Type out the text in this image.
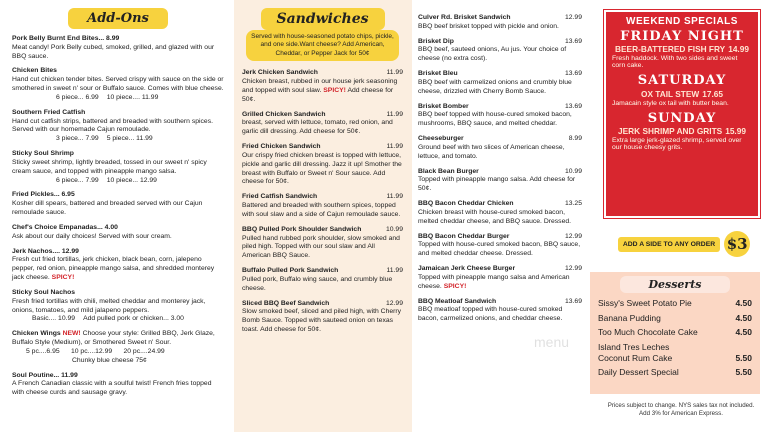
Add-Ons
Pork Belly Burnt End Bites... 8.99
Meat candy! Pork Belly cubed, smoked, grilled, and glazed with our BBQ sauce.
Chicken Bites
Hand cut chicken tender bites. Served crispy with sauce on the side or smothered in sweet n' sour or Buffalo sauce. Comes with blue cheese.
6 piece... 6.99 10 piece.... 11.99
Southern Fried Catfish
Hand cut catfish strips, battered and breaded with southern spices. Served with our homemade Cajun remoulade.
3 piece... 7.99 5 piece... 11.99
Sticky Soul Shrimp
Sticky sweet shrimp, lightly breaded, tossed in our sweet n' spicy cream sauce, and topped with pineapple mango salsa.
6 piece... 7.99 10 piece... 12.99
Fried Pickles... 6.95
Kosher dill spears, battered and breaded served with our Cajun remoulade sauce.
Chef's Choice Empanadas... 4.00
Ask about our daily choices! Served with sour cream.
Jerk Nachos.... 12.99
Fresh cut fried tortillas, jerk chicken, black bean, corn, jalepeno pepper, red onion, pineapple mango salsa, and shredded monterey jack cheese. SPICY!
Sticky Soul Nachos
Fresh fried tortillas with chili, melted cheddar and monterey jack, onions, tomatoes, and mild jalapeno peppers.
Basic.... 10.99 Add pulled pork or chicken... 3.00
Chicken Wings NEW! Choose your style: Grilled BBQ, Jerk Glaze, Buffalo Style (Medium), or Smothered Sweet n' Sour.
5 pc....6.95      10 pc....12.99      20 pc....24.99
Chunky blue cheese 75¢
Soul Poutine... 11.99
A French Canadian classic with a soulful twist! French fries topped with cheese curds and sausage gravy.
Sandwiches
Served with house-seasoned potato chips, pickle, and one side.Want cheese? Add American, Cheddar, or Pepper Jack for 50¢
Jerk Chicken Sandwich	11.99
Chicken breast, rubbed in our house jerk seasoning and topped with soul slaw. SPICY! Add cheese for 50¢.
Grilled Chicken Sandwich	11.99
breast, served with lettuce, tomato, red onion, and garlic dill dressing. Add cheese for 50¢.
Fried Chicken Sandwich	11.99
Our crispy fried chicken breast is topped with lettuce, pickle and garlic dill dressing. Jazz it up! Smother the breast with Buffalo or Sweet n' Sour sauce. Add cheese for 50¢.
Fried Catfish Sandwich	11.99
Battered and breaded with southern spices, topped with soul slaw and a side of Cajun remoulade sauce.
BBQ Pulled Pork Shoulder Sandwich	10.99
Pulled hand rubbed pork shoulder, slow smoked and piled high. Topped with our soul slaw and All American BBQ Sauce.
Buffalo Pulled Pork Sandwich	11.99
Pulled pork, Buffalo wing sauce, and crumbly blue cheese.
Sliced BBQ Beef Sandwich	12.99
Slow smoked beef, sliced and piled high, with Cherry Bomb Sauce. Topped with sauteed onion on texas toast. Add cheese for 50¢.
Culver Rd. Brisket Sandwich	12.99
BBQ beef brisket topped with pickle and onion.
Brisket Dip	13.69
BBQ beef, sauteed onions, Au jus. Your choice of cheese (no extra cost).
Brisket Bleu	13.69
BBQ beef with carmelized onions and crumbly blue cheese, drizzled with Cherry Bomb Sauce.
Brisket Bomber	13.69
BBQ beef topped with house-cured smoked bacon, mushrooms, BBQ sauce, and melted cheddar.
Cheeseburger	8.99
Ground beef with two slices of American cheese, lettuce, and tomato.
Black Bean Burger	10.99
Topped with pineapple mango salsa. Add cheese for 50¢.
BBQ Bacon Cheddar Chicken	13.25
Chicken breast with house-cured smoked bacon, melted cheddar cheese, and BBQ sauce. Dressed.
BBQ Bacon Cheddar Burger	12.99
Topped with house-cured smoked bacon, BBQ sauce, and melted cheddar cheese. Dressed.
Jamaican Jerk Cheese Burger	12.99
Topped with pineapple mango salsa and American cheese. SPICY!
BBQ Meatloaf Sandwich	13.69
BBQ meatloaf topped with house-cured smoked bacon, carmelized onions, and cheddar cheese.
WEEKEND SPECIALS
FRIDAY NIGHT
BEER-BATTERED FISH FRY 14.99
Fresh haddock. With two sides and sweet corn cake.
SATURDAY
OX TAIL STEW 17.65
Jamacain style ox tail with butter bean.
SUNDAY
JERK SHRIMP AND GRITS 15.99
Extra large jerk-glazed shrimp, served over our house cheesy grits.
ADD A SIDE TO ANY ORDER $3
Desserts
Sissy's Sweet Potato Pie	4.50
Banana Pudding	4.50
Too Much Chocolate Cake	4.50
Island Tres Leches Coconut Rum Cake	5.50
Daily Dessert Special	5.50
Prices subject to change. NYS sales tax not included. Add 3% for American Express.
menu
